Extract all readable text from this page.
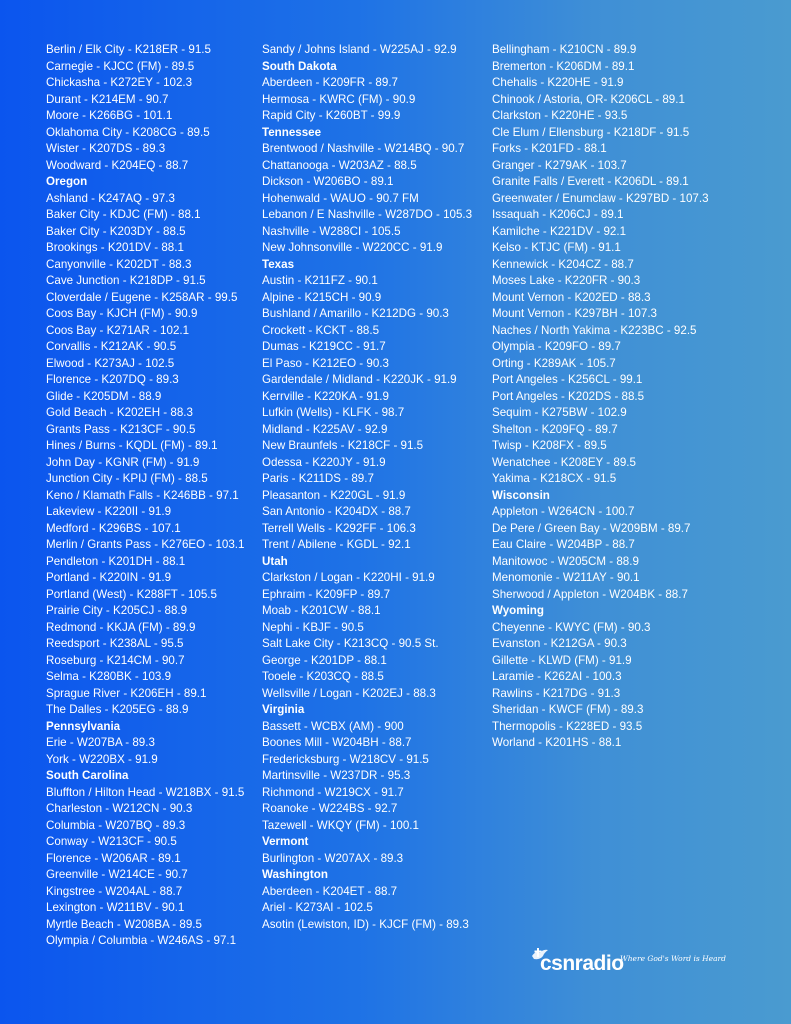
Berlin / Elk City - K218ER - 91.5
Carnegie - KJCC (FM) - 89.5
Chickasha - K272EY - 102.3
Durant - K214EM - 90.7
Moore - K266BG - 101.1
Oklahoma City - K208CG - 89.5
Wister - K207DS - 89.3
Woodward - K204EQ - 88.7
Oregon
Ashland - K247AQ - 97.3
Baker City - KDJC (FM) - 88.1
Baker City - K203DY - 88.5
Brookings - K201DV - 88.1
Canyonville - K202DT - 88.3
Cave Junction - K218DP - 91.5
Cloverdale / Eugene - K258AR - 99.5
Coos Bay - KJCH (FM) - 90.9
Coos Bay - K271AR - 102.1
Corvallis - K212AK - 90.5
Elwood - K273AJ - 102.5
Florence - K207DQ - 89.3
Glide - K205DM - 88.9
Gold Beach - K202EH - 88.3
Grants Pass - K213CF - 90.5
Hines / Burns - KQDL (FM) - 89.1
John Day - KGNR (FM) - 91.9
Junction City - KPIJ (FM) - 88.5
Keno / Klamath Falls - K246BB - 97.1
Lakeview - K220II - 91.9
Medford - K296BS - 107.1
Merlin / Grants Pass - K276EO - 103.1
Pendleton - K201DH - 88.1
Portland - K220IN - 91.9
Portland (West) - K288FT - 105.5
Prairie City - K205CJ - 88.9
Redmond - KKJA (FM) - 89.9
Reedsport - K238AL - 95.5
Roseburg - K214CM - 90.7
Selma - K280BK - 103.9
Sprague River - K206EH - 89.1
The Dalles - K205EG - 88.9
Pennsylvania
Erie - W207BA - 89.3
York - W220BX - 91.9
South Carolina
Bluffton / Hilton Head - W218BX - 91.5
Charleston - W212CN - 90.3
Columbia - W207BQ - 89.3
Conway - W213CF - 90.5
Florence - W206AR - 89.1
Greenville - W214CE - 90.7
Kingstree - W204AL - 88.7
Lexington - W211BV - 90.1
Myrtle Beach - W208BA - 89.5
Olympia / Columbia - W246AS - 97.1
Sandy / Johns Island - W225AJ - 92.9
South Dakota
Aberdeen - K209FR - 89.7
Hermosa - KWRC (FM) - 90.9
Rapid City - K260BT - 99.9
Tennessee
Brentwood / Nashville - W214BQ - 90.7
Chattanooga - W203AZ - 88.5
Dickson - W206BO - 89.1
Hohenwald - WAUO - 90.7 FM
Lebanon / E Nashville - W287DO - 105.3
Nashville - W288CI - 105.5
New Johnsonville - W220CC - 91.9
Texas
Austin - K211FZ - 90.1
Alpine - K215CH - 90.9
Bushland / Amarillo - K212DG - 90.3
Crockett - KCKT - 88.5
Dumas - K219CC - 91.7
El Paso - K212EO - 90.3
Gardendale / Midland - K220JK - 91.9
Kerrville - K220KA - 91.9
Lufkin (Wells) - KLFK - 98.7
Midland - K225AV - 92.9
New Braunfels - K218CF - 91.5
Odessa - K220JY - 91.9
Paris - K211DS - 89.7
Pleasanton - K220GL - 91.9
San Antonio - K204DX - 88.7
Terrell Wells - K292FF - 106.3
Trent / Abilene - KGDL - 92.1
Utah
Clarkston / Logan - K220HI - 91.9
Ephraim - K209FP - 89.7
Moab - K201CW - 88.1
Nephi - KBJF - 90.5
Salt Lake City - K213CQ - 90.5 St.
George - K201DP - 88.1
Tooele - K203CQ - 88.5
Wellsville / Logan - K202EJ - 88.3
Virginia
Bassett - WCBX (AM) - 900
Boones Mill - W204BH - 88.7
Fredericksburg - W218CV - 91.5
Martinsville - W237DR - 95.3
Richmond - W219CX - 91.7
Roanoke - W224BS - 92.7
Tazewell - WKQY (FM) - 100.1
Vermont
Burlington - W207AX - 89.3
Washington
Aberdeen - K204ET - 88.7
Ariel - K273AI - 102.5
Asotin (Lewiston, ID) - KJCF (FM) - 89.3
Bellingham - K210CN - 89.9
Bremerton - K206DM - 89.1
Chehalis - K220HE - 91.9
Chinook / Astoria, OR- K206CL - 89.1
Clarkston - K220HE - 93.5
Cle Elum / Ellensburg - K218DF - 91.5
Forks - K201FD - 88.1
Granger - K279AK - 103.7
Granite Falls / Everett - K206DL - 89.1
Greenwater / Enumclaw - K297BD - 107.3
Issaquah - K206CJ - 89.1
Kamilche - K221DV - 92.1
Kelso - KTJC (FM) - 91.1
Kennewick - K204CZ - 88.7
Moses Lake - K220FR - 90.3
Mount Vernon - K202ED - 88.3
Mount Vernon - K297BH - 107.3
Naches / North Yakima - K223BC - 92.5
Olympia - K209FO - 89.7
Orting - K289AK - 105.7
Port Angeles - K256CL - 99.1
Port Angeles - K202DS - 88.5
Sequim - K275BW - 102.9
Shelton - K209FQ - 89.7
Twisp - K208FX - 89.5
Wenatchee - K208EY - 89.5
Yakima - K218CX - 91.5
Wisconsin
Appleton - W264CN - 100.7
De Pere / Green Bay - W209BM - 89.7
Eau Claire - W204BP - 88.7
Manitowoc - W205CM - 88.9
Menomonie - W211AY - 90.1
Sherwood / Appleton - W204BK - 88.7
Wyoming
Cheyenne - KWYC (FM) - 90.3
Evanston - K212GA - 90.3
Gillette - KLWD (FM) - 91.9
Laramie - K262AI - 100.3
Rawlins - K217DG - 91.3
Sheridan - KWCF (FM) - 89.3
Thermopolis - K228ED - 93.5
Worland - K201HS - 88.1
csnradio
Where God's Word is Heard
